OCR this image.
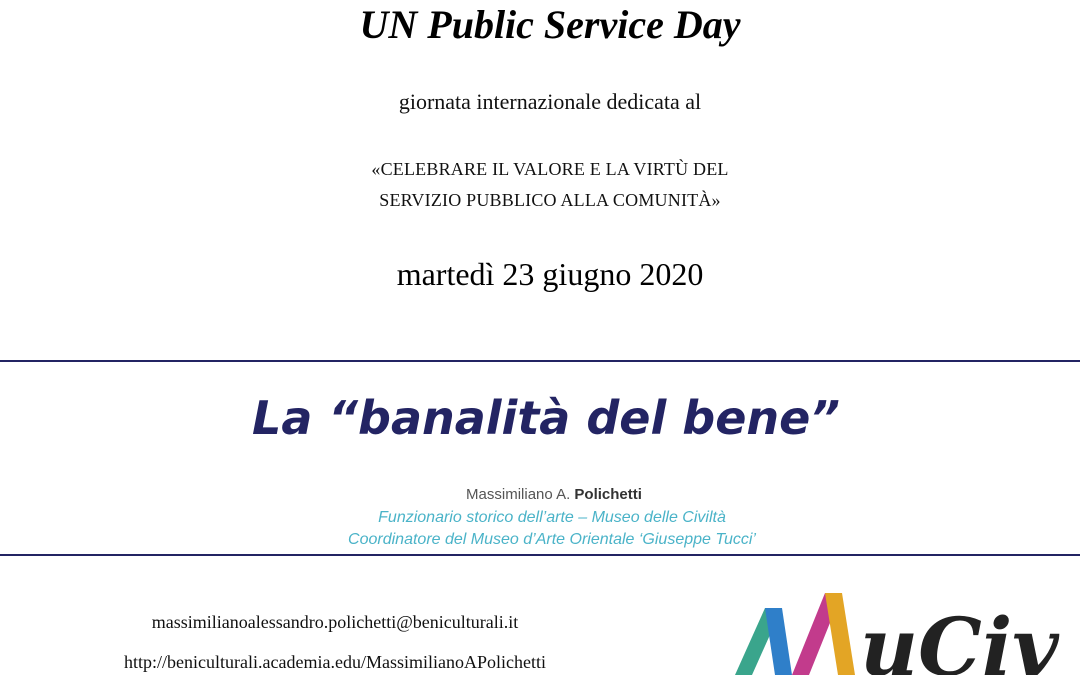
UN Public Service Day
giornata internazionale dedicata al
«CELEBRARE IL VALORE E LA VIRTÙ DEL
SERVIZIO PUBBLICO ALLA COMUNITÀ»
martedì 23 giugno 2020
La “banalità del bene”
Massimiliano A. Polichetti
Funzionario storico dell’arte – Museo delle Civiltà
Coordinatore del Museo d’Arte Orientale ‘Giuseppe Tucci’
massimilianoalessandro.polichetti@beniculturali.it
http://beniculturali.academia.edu/MassimilianoAPolichetti	uCiv
